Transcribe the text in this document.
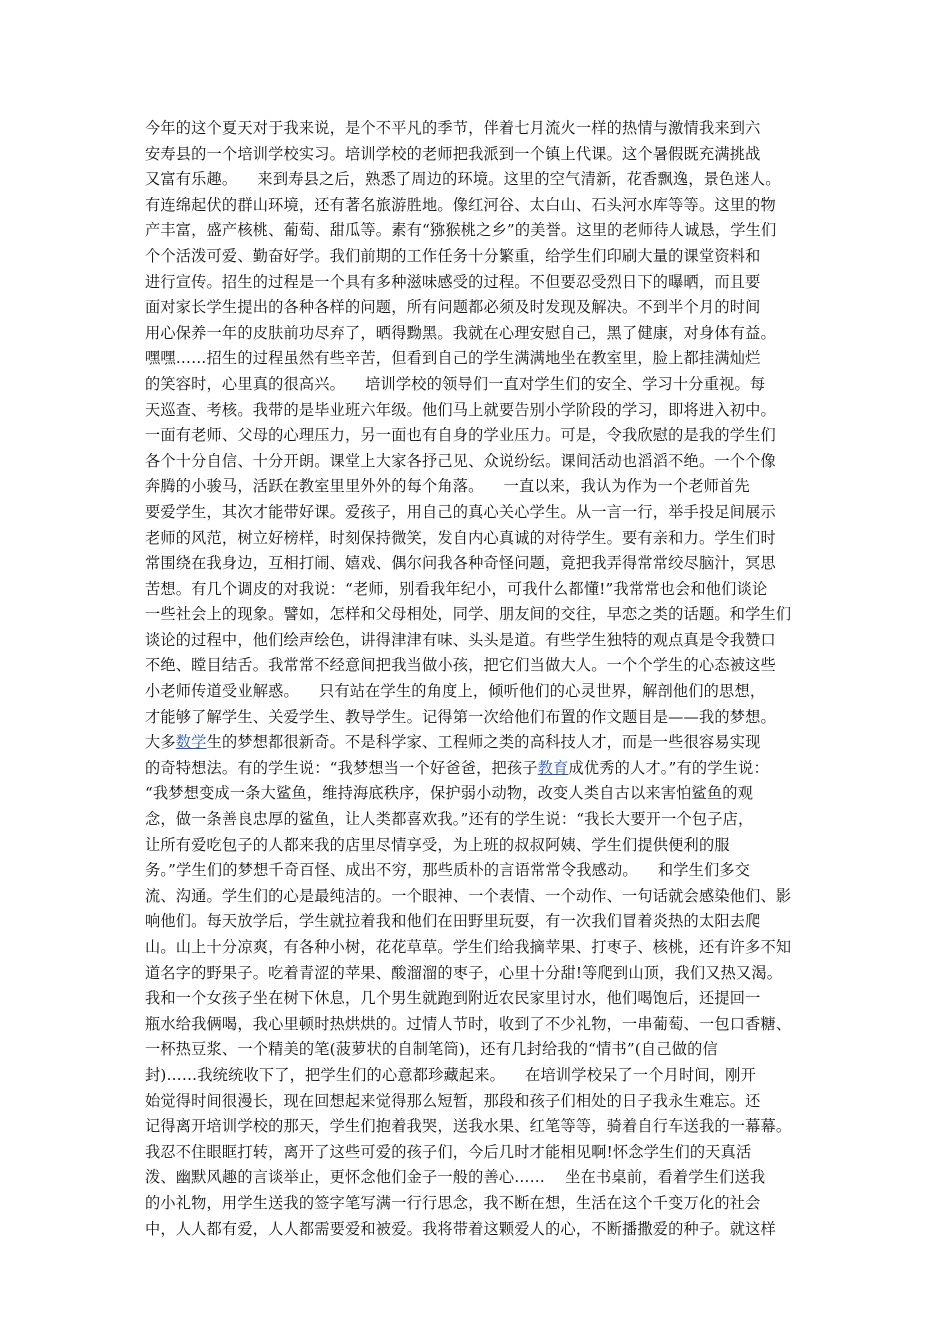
今年的这个夏天对于我来说，是个不平凡的季节，伴着七月流火一样的热情与激情我来到六
安寿县的一个培训学校实习。培训学校的老师把我派到一个镇上代课。这个暑假既充满挑战
又富有乐趣。    来到寿县之后，熟悉了周边的环境。这里的空气清新，花香飘逸，景色迷人。
有连绵起伏的群山环境，还有著名旅游胜地。像红河谷、太白山、石头河水库等等。这里的物
产丰富，盛产核桃、葡萄、甜瓜等。素有“猕猴桃之乡”的美誉。这里的老师待人诚恳，学生们
个个活泼可爱、勤奋好学。我们前期的工作任务十分繁重，给学生们印刷大量的课堂资料和
进行宣传。招生的过程是一个具有多种滋味感受的过程。不但要忍受烈日下的曝晒，而且要
面对家长学生提出的各种各样的问题，所有问题都必须及时发现及解决。不到半个月的时间
用心保养一年的皮肤前功尽弃了，晒得黝黑。我就在心理安慰自己，黑了健康，对身体有益。
嘿嘿……招生的过程虽然有些辛苦，但看到自己的学生满满地坐在教室里，脸上都挂满灿烂
的笑容时，心里真的很高兴。    培训学校的领导们一直对学生们的安全、学习十分重视。每
天巡查、考核。我带的是毕业班六年级。他们马上就要告别小学阶段的学习，即将进入初中。
一面有老师、父母的心理压力，另一面也有自身的学业压力。可是，令我欣慰的是我的学生们
各个十分自信、十分开朗。课堂上大家各抒己见、众说纷纭。课间活动也滔滔不绝。一个个像
奔腾的小骏马，活跃在教室里里外外的每个角落。    一直以来，我认为作为一个老师首先
要爱学生，其次才能带好课。爱孩子，用自己的真心关心学生。从一言一行，举手投足间展示
老师的风范，树立好榜样，时刻保持微笑，发自内心真诚的对待学生。要有亲和力。学生们时
常围绕在我身边，互相打闹、嬉戏、偶尔问我各种奇怪问题，竟把我弄得常常绞尽脑汁，冥思
苦想。有几个调皮的对我说：“老师，别看我年纪小，可我什么都懂!”我常常也会和他们谈论
一些社会上的现象。譬如，怎样和父母相处，同学、朋友间的交往，早恋之类的话题。和学生们
谈论的过程中，他们绘声绘色，讲得津津有味、头头是道。有些学生独特的观点真是令我赞口
不绝、瞠目结舌。我常常不经意间把我当做小孩，把它们当做大人。一个个学生的心态被这些
小老师传道受业解惑。    只有站在学生的角度上，倾听他们的心灵世界，解剖他们的思想，
才能够了解学生、关爱学生、教导学生。记得第一次给他们布置的作文题目是——我的梦想。
大多数学生的梦想都很新奇。不是科学家、工程师之类的高科技人才，而是一些很容易实现
的奇特想法。有的学生说：“我梦想当一个好爸爸，把孩子教育成优秀的人才。”有的学生说：
“我梦想变成一条大鲨鱼，维持海底秩序，保护弱小动物，改变人类自古以来害怕鲨鱼的观
念，做一条善良忠厚的鲨鱼，让人类都喜欢我。”还有的学生说：“我长大要开一个包子店，
让所有爱吃包子的人都来我的店里尽情享受，为上班的叔叔阿姨、学生们提供便利的服
务。”学生们的梦想千奇百怪、成出不穷，那些质朴的言语常常令我感动。    和学生们多交
流、沟通。学生们的心是最纯洁的。一个眼神、一个表情、一个动作、一句话就会感染他们、影
响他们。每天放学后，学生就拉着我和他们在田野里玩耍，有一次我们冒着炎热的太阳去爬
山。山上十分凉爽，有各种小树，花花草草。学生们给我摘苹果、打枣子、核桃，还有许多不知
道名字的野果子。吃着青涩的苹果、酸溜溜的枣子，心里十分甜!等爬到山顶，我们又热又渴。
我和一个女孩子坐在树下休息，几个男生就跑到附近农民家里讨水，他们喝饱后，还提回一
瓶水给我俩喝，我心里顿时热烘烘的。过情人节时，收到了不少礼物，一串葡萄、一包口香糖、
一杯热豆浆、一个精美的笔(菠萝状的自制笔筒)，还有几封给我的“情书”(自己做的信
封)……我统统收下了，把学生们的心意都珍藏起来。    在培训学校呆了一个月时间，刚开
始觉得时间很漫长，现在回想起来觉得那么短暂，那段和孩子们相处的日子我永生难忘。还
记得离开培训学校的那天，学生们抱着我哭，送我水果、红笔等等，骑着自行车送我的一幕幕。
我忍不住眼眶打转，离开了这些可爱的孩子们，今后几时才能相见啊!怀念学生们的天真活
泼、幽默风趣的言谈举止，更怀念他们金子一般的善心……    坐在书桌前，看着学生们送我
的小礼物，用学生送我的签字笔写满一行行思念，我不断在想，生活在这个千变万化的社会
中，人人都有爱，人人都需要爱和被爱。我将带着这颗爱人的心，不断播撒爱的种子。就这样
